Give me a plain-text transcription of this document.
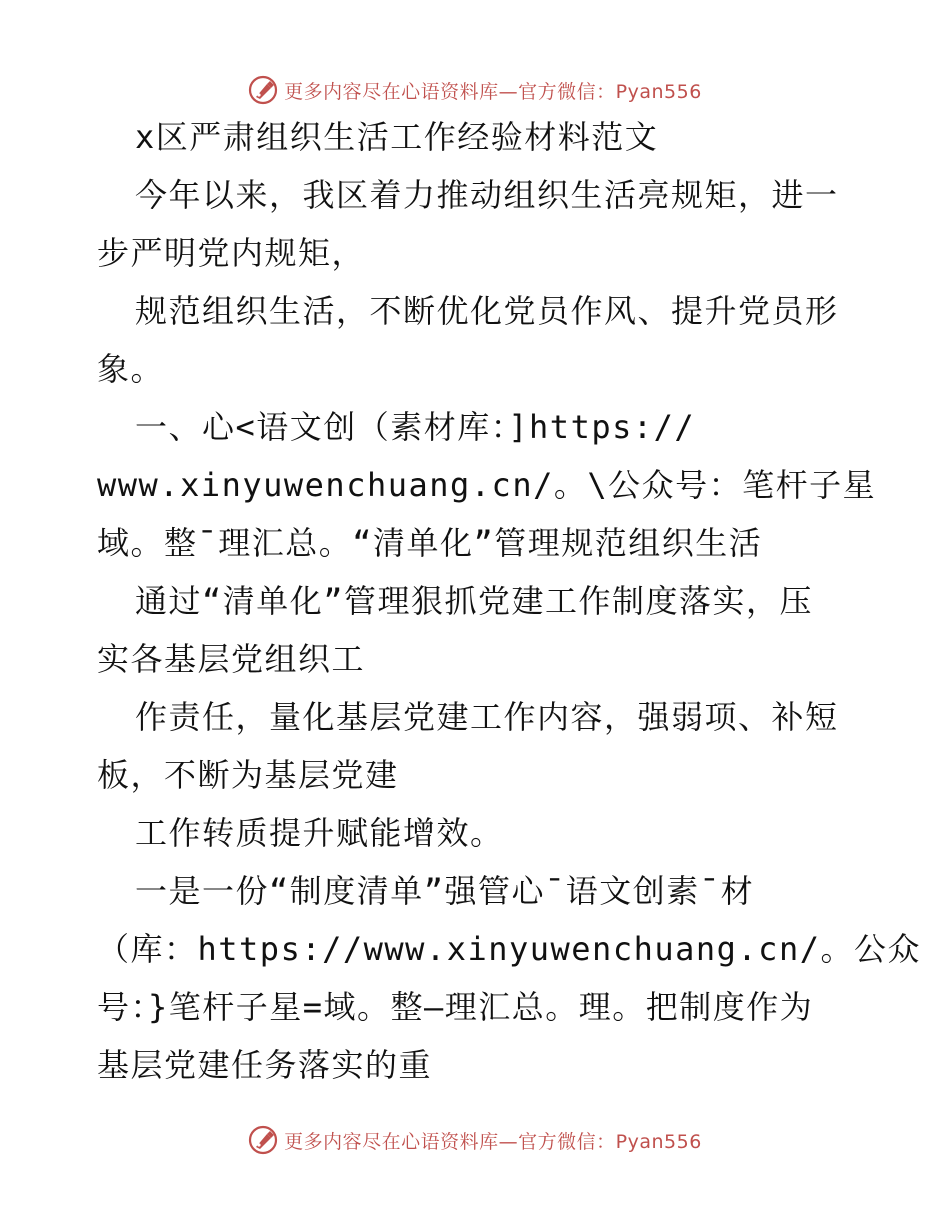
更多内容尽在心语资料库—官方微信：Pyan556
x区严肃组织生活工作经验材料范文
今年以来，我区着力推动组织生活亮规矩，进一
步严明党内规矩，
规范组织生活，不断优化党员作风、提升党员形
象。
一、心<语文创（素材库：]https://
www.xinyuwenchuang.cn/。\公众号：笔杆子星
域。整¯理汇总。“清单化”管理规范组织生活
通过“清单化”管理狠抓党建工作制度落实，压
实各基层党组织工
作责任，量化基层党建工作内容，强弱项、补短
板，不断为基层党建
工作转质提升赋能增效。
一是一份“制度清单”强管心¯语文创素¯材
（库：https://www.xinyuwenchuang.cn/。公众
号：}笔杆子星=域。整—理汇总。理。把制度作为
基层党建任务落实的重
更多内容尽在心语资料库—官方微信：Pyan556
